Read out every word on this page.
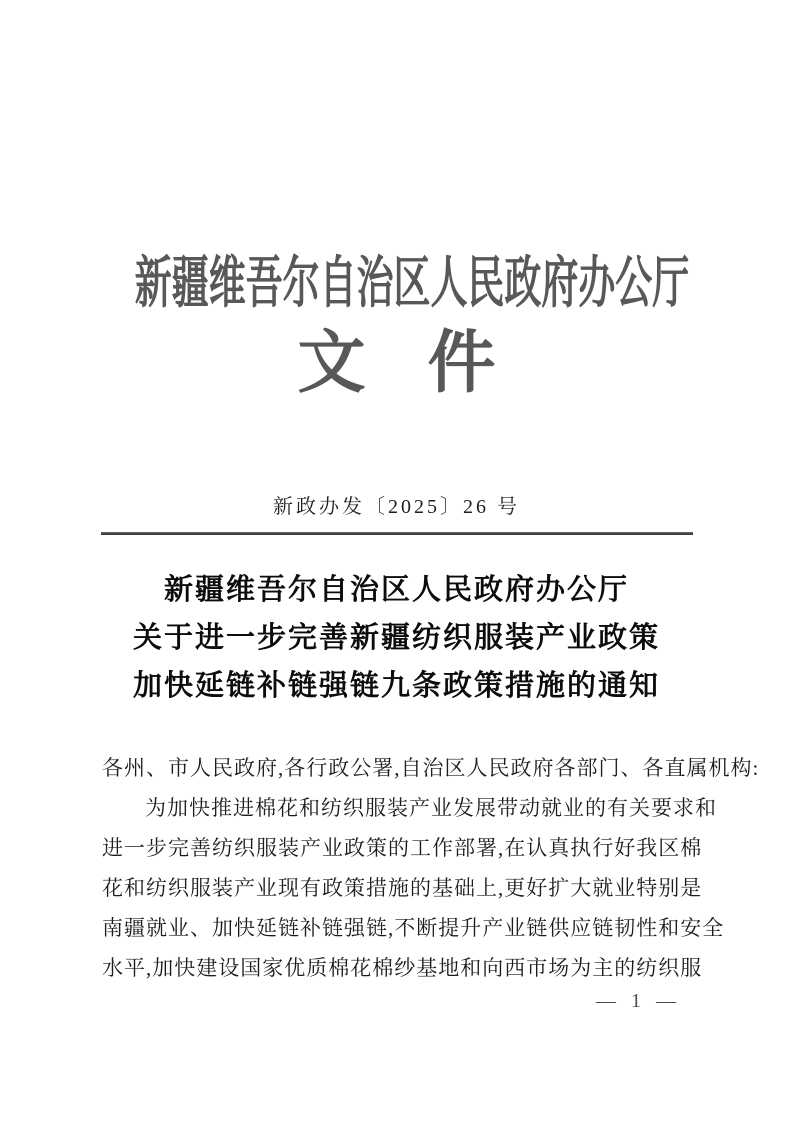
新疆维吾尔自治区人民政府办公厅
文 件
新政办发〔2025〕26 号
新疆维吾尔自治区人民政府办公厅
关于进一步完善新疆纺织服装产业政策
加快延链补链强链九条政策措施的通知

各州、市人民政府,各行政公署,自治区人民政府各部门、各直属机构:

为加快推进棉花和纺织服装产业发展带动就业的有关要求和

进一步完善纺织服装产业政策的工作部署,在认真执行好我区棉

花和纺织服装产业现有政策措施的基础上,更好扩大就业特别是

南疆就业、加快延链补链强链,不断提升产业链供应链韧性和安全

水平,加快建设国家优质棉花棉纱基地和向西市场为主的纺织服

— 1 —
